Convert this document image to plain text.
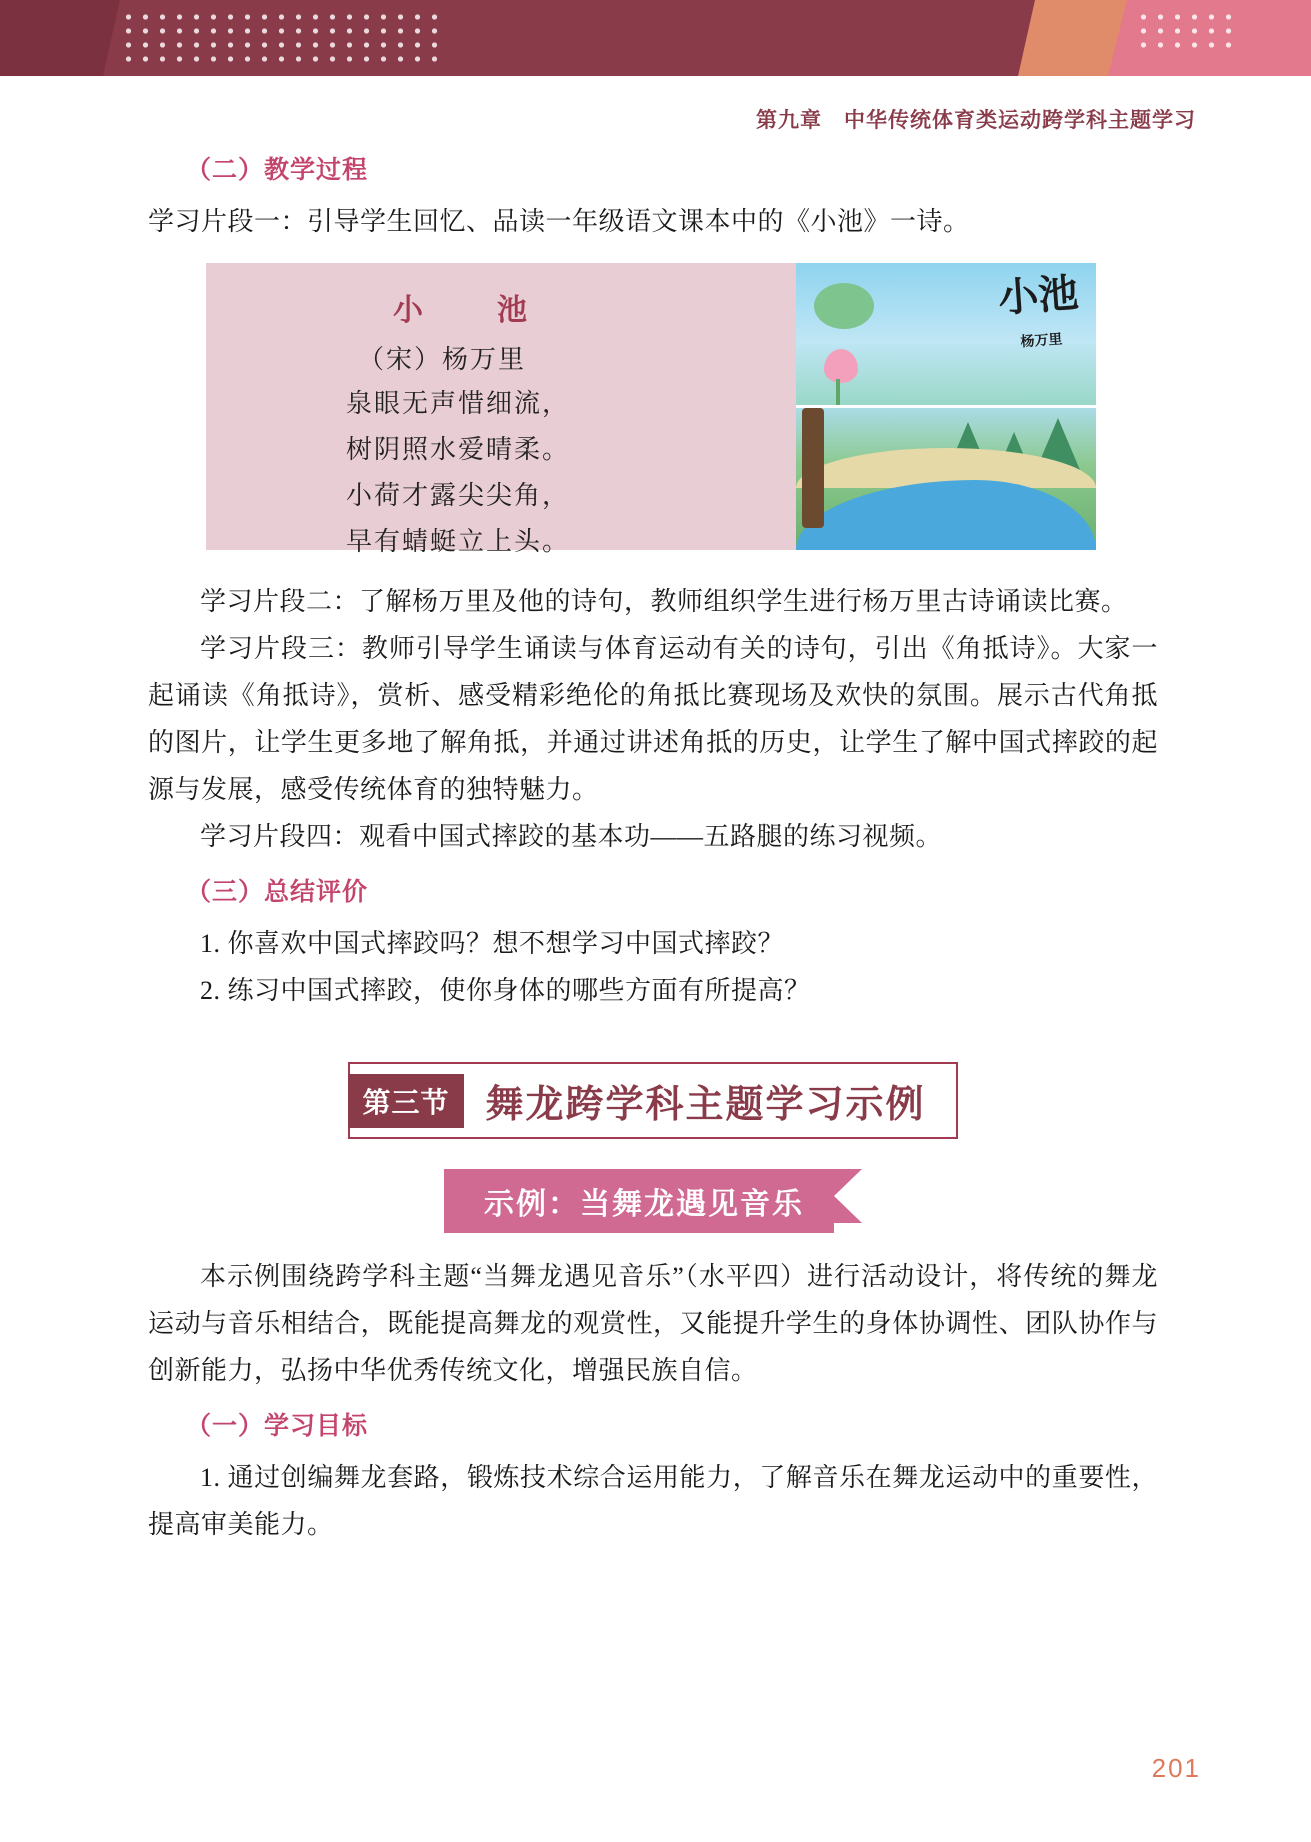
第九章　中华传统体育类运动跨学科主题学习
（二）教学过程

学习片段一：引导学生回忆、品读一年级语文课本中的《小池》一诗。

小　池
（宋）杨万里
泉眼无声惜细流，
树阴照水爱晴柔。
小荷才露尖尖角，
早有蜻蜓立上头。
小池
杨万里

学习片段二：了解杨万里及他的诗句，教师组织学生进行杨万里古诗诵读比赛。

学习片段三：教师引导学生诵读与体育运动有关的诗句，引出《角抵诗》。大家一起诵读《角抵诗》，赏析、感受精彩绝伦的角抵比赛现场及欢快的氛围。展示古代角抵的图片，让学生更多地了解角抵，并通过讲述角抵的历史，让学生了解中国式摔跤的起源与发展，感受传统体育的独特魅力。

学习片段四：观看中国式摔跤的基本功——五路腿的练习视频。

（三）总结评价

1. 你喜欢中国式摔跤吗？想不想学习中国式摔跤？

2. 练习中国式摔跤，使你身体的哪些方面有所提高？

第三节 舞龙跨学科主题学习示例
示例：当舞龙遇见音乐

本示例围绕跨学科主题“当舞龙遇见音乐”（水平四）进行活动设计，将传统的舞龙运动与音乐相结合，既能提高舞龙的观赏性，又能提升学生的身体协调性、团队协作与创新能力，弘扬中华优秀传统文化，增强民族自信。

（一）学习目标

1. 通过创编舞龙套路，锻炼技术综合运用能力，了解音乐在舞龙运动中的重要性，提高审美能力。

201
